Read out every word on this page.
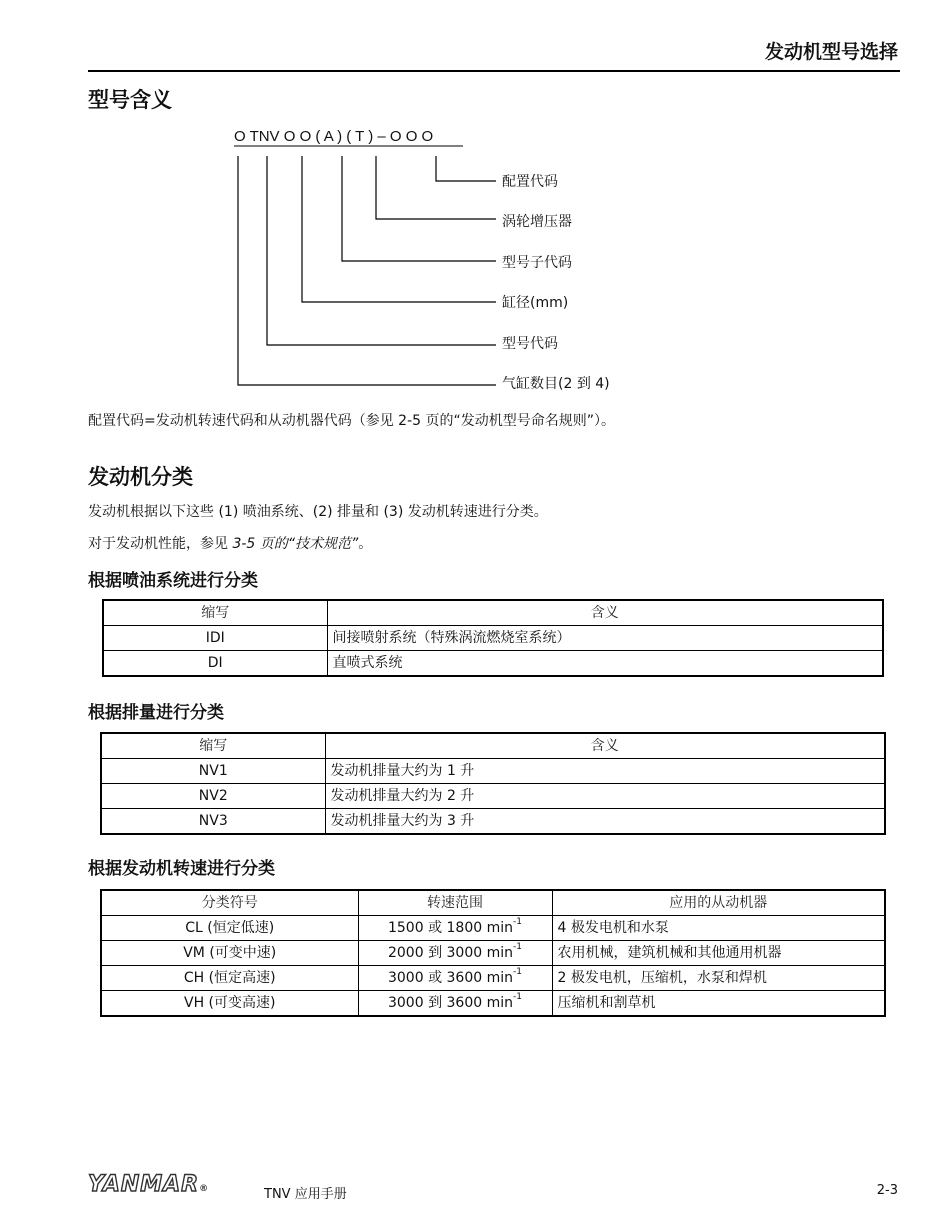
发动机型号选择
型号含义
O TNV O O ( A ) ( T ) – O O O
配置代码
涡轮增压器
型号子代码
缸径(mm)
型号代码
气缸数目(2 到 4)
配置代码=发动机转速代码和从动机器代码（参见 2-5 页的“发动机型号命名规则”）。
发动机分类
发动机根据以下这些 (1) 喷油系统、(2) 排量和 (3) 发动机转速进行分类。
对于发动机性能，参见 3-5 页的“技术规范”。
根据喷油系统进行分类
缩写	含义
IDI	间接喷射系统（特殊涡流燃烧室系统）
DI	直喷式系统
根据排量进行分类
缩写	含义
NV1	发动机排量大约为 1 升
NV2	发动机排量大约为 2 升
NV3	发动机排量大约为 3 升
根据发动机转速进行分类
分类符号	转速范围	应用的从动机器
CL (恒定低速)	1500 或 1800 $\min^{-1}$	4 极发电机和水泵
VM (可变中速)	2000 到 3000 $\min^{-1}$	农用机械，建筑机械和其他通用机器
CH (恒定高速)	3000 或 3600 $\min^{-1}$	2 极发电机，压缩机，水泵和焊机
VH (可变高速)	3000 到 3600 $\min^{-1}$	压缩机和割草机
YANMAR®	TNV 应用手册	2-3
